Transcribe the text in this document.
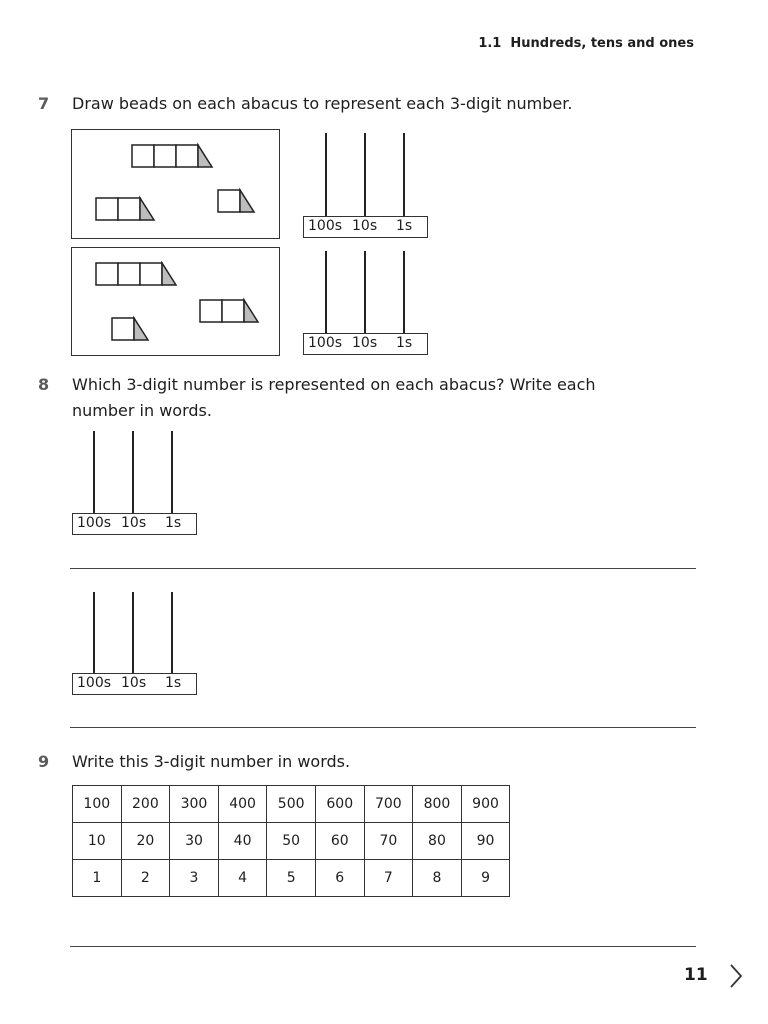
1.1 Hundreds, tens and ones
7 Draw beads on each abacus to represent each 3-digit number.
100s 10s 1s
100s 10s 1s
8 Which 3-digit number is represented on each abacus? Write each
number in words.
100s 10s 1s
100s 10s 1s
9 Write this 3-digit number in words.
100	200	300	400	500	600	700	800	900
10	20	30	40	50	60	70	80	90
1	2	3	4	5	6	7	8	9
11
